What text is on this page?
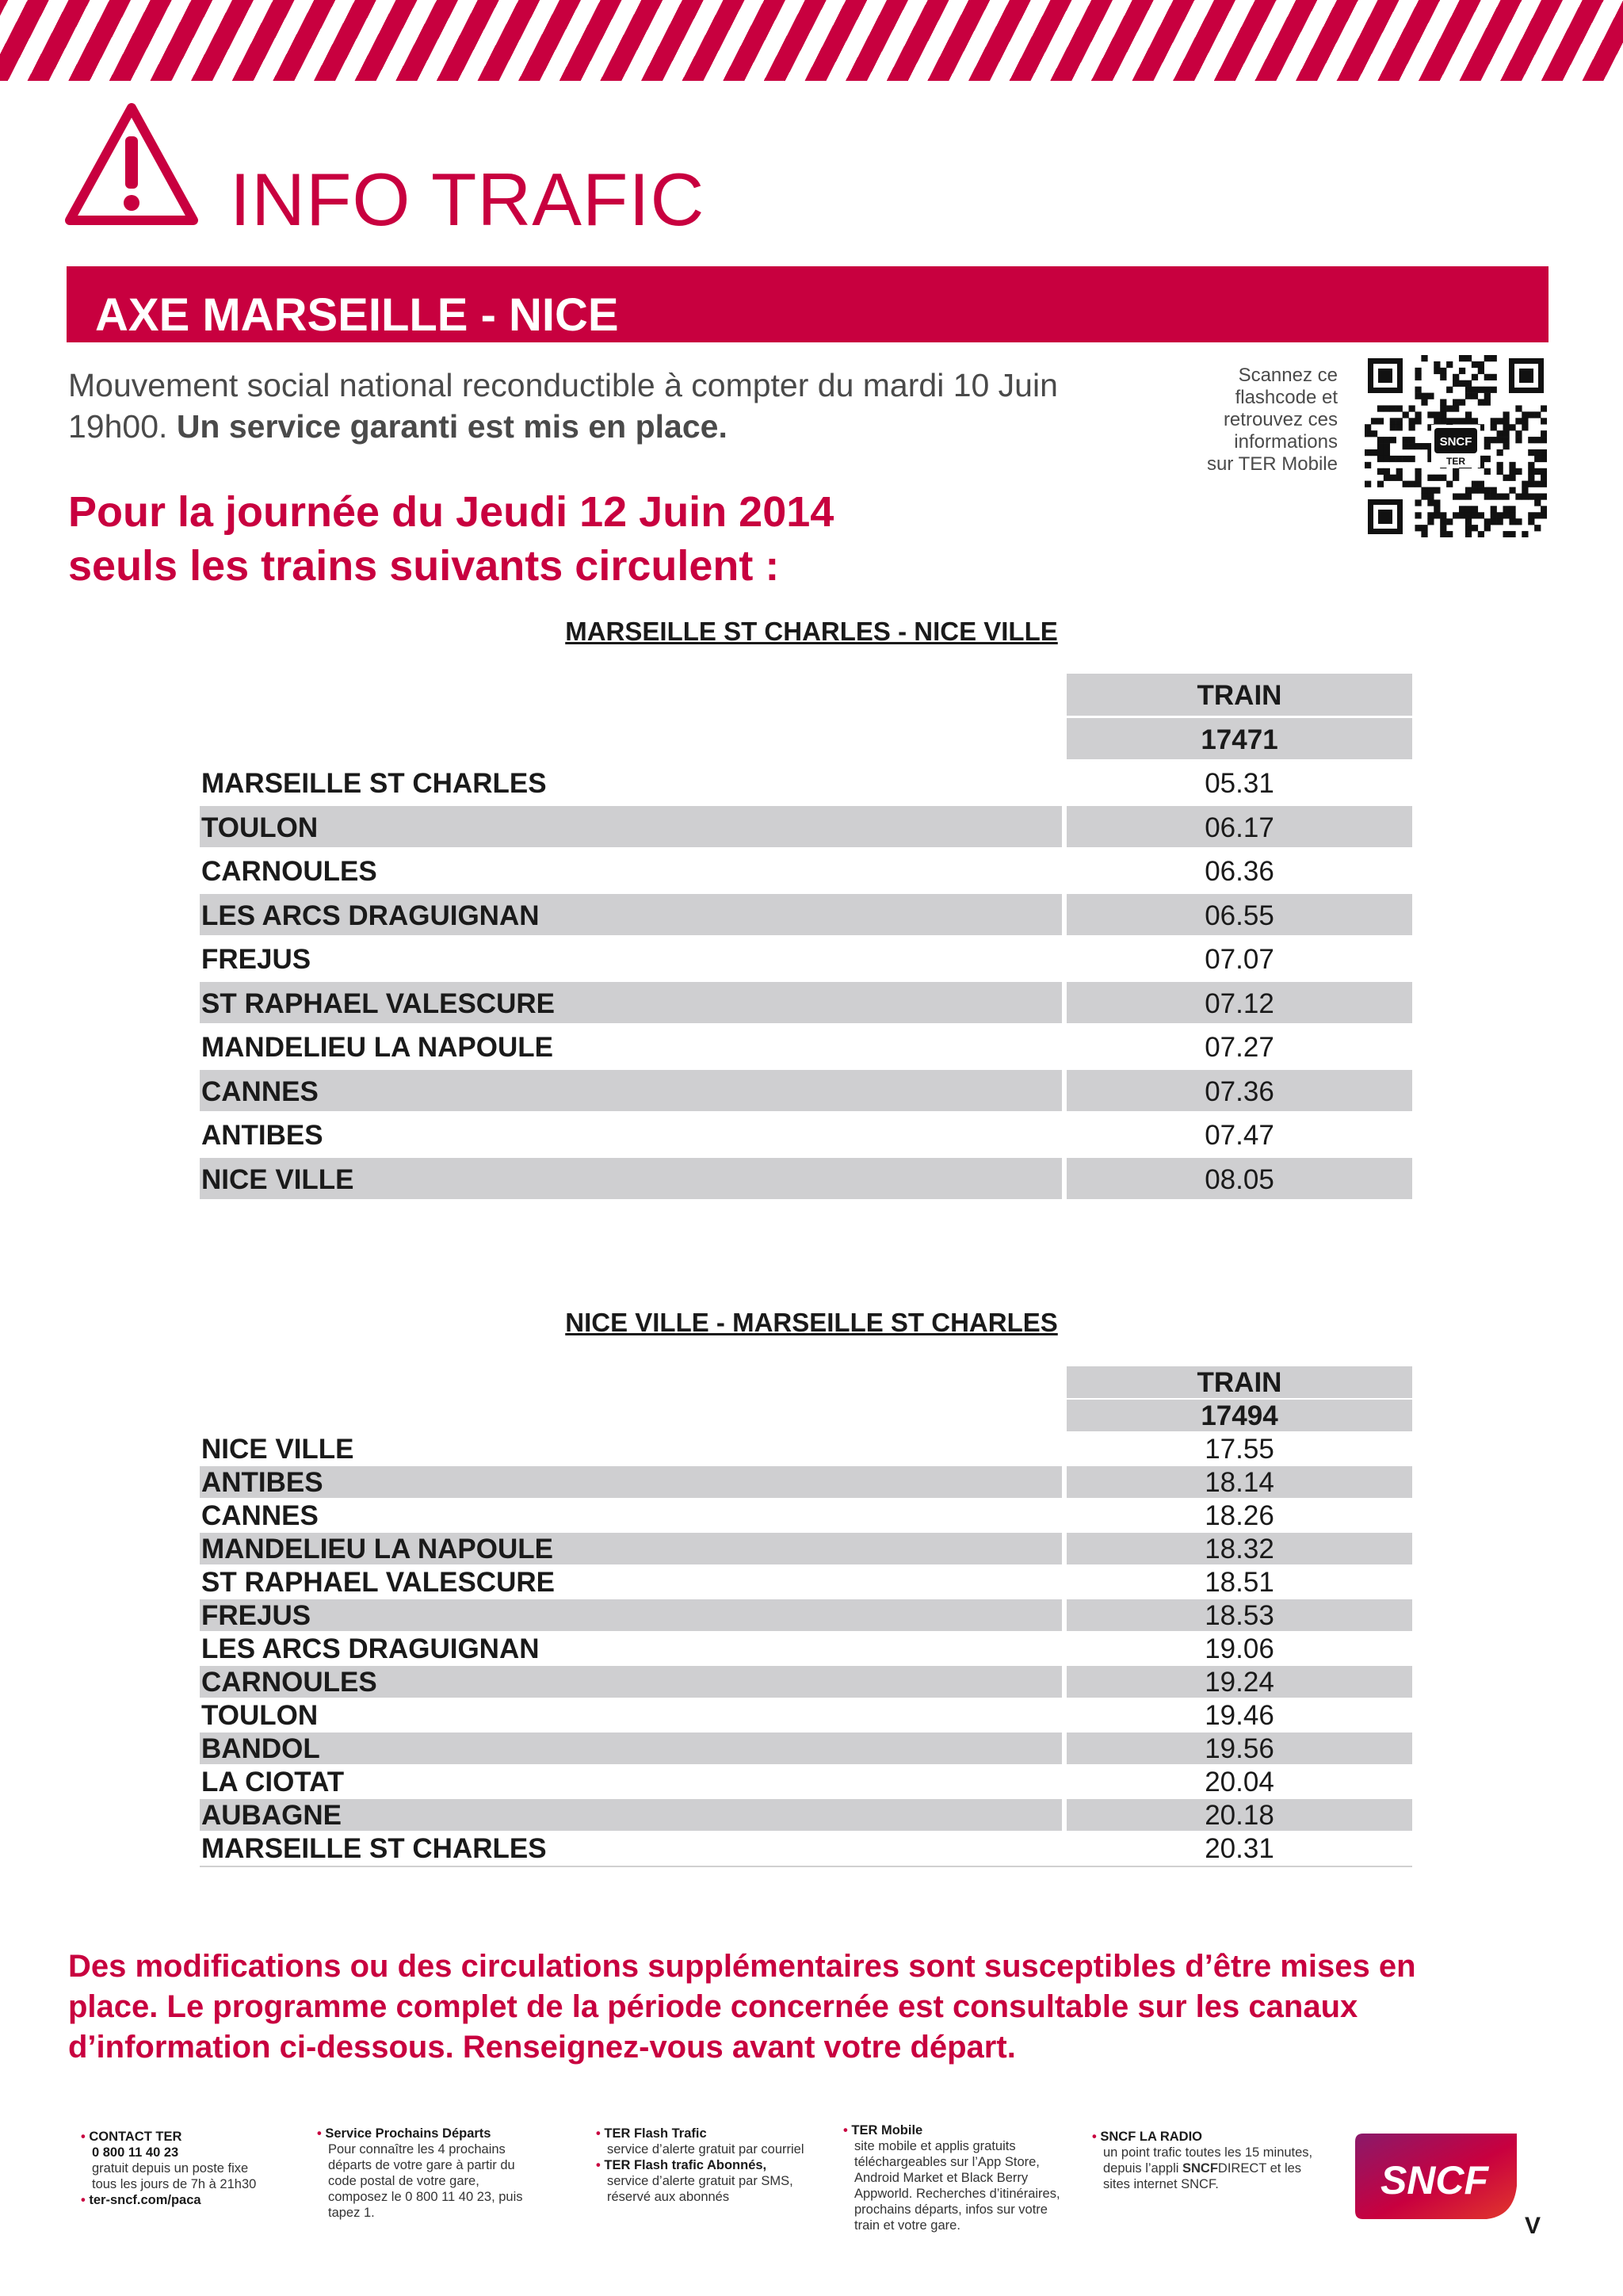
INFO TRAFIC
AXE MARSEILLE - NICE
Mouvement social national reconductible à compter du mardi 10 Juin 19h00. Un service garanti est mis en place.
Scannez ce
flashcode et
retrouvez ces
informations
sur TER Mobile
SNCF
TER
Pour la journée du Jeudi 12 Juin 2014
seuls les trains suivants circulent :
MARSEILLE ST CHARLES - NICE VILLE
TRAIN
17471
MARSEILLE ST CHARLES	05.31
TOULON	06.17
CARNOULES	06.36
LES ARCS DRAGUIGNAN	06.55
FREJUS	07.07
ST RAPHAEL VALESCURE	07.12
MANDELIEU LA NAPOULE	07.27
CANNES	07.36
ANTIBES	07.47
NICE VILLE	08.05
NICE VILLE - MARSEILLE ST CHARLES
TRAIN
17494
NICE VILLE	17.55
ANTIBES	18.14
CANNES	18.26
MANDELIEU LA NAPOULE	18.32
ST RAPHAEL VALESCURE	18.51
FREJUS	18.53
LES ARCS DRAGUIGNAN	19.06
CARNOULES	19.24
TOULON	19.46
BANDOL	19.56
LA CIOTAT	20.04
AUBAGNE	20.18
MARSEILLE ST CHARLES	20.31
Des modifications ou des circulations supplémentaires sont susceptibles d’être mises en
place. Le programme complet de la période concernée est consultable sur les canaux
d’information ci-dessous. Renseignez-vous avant votre départ.
• CONTACT TER
0 800 11 40 23
gratuit depuis un poste fixe
tous les jours de 7h à 21h30
• ter-sncf.com/paca
• Service Prochains Départs
Pour connaître les 4 prochains
départs de votre gare à partir du
code postal de votre gare,
composez le 0 800 11 40 23, puis
tapez 1.
• TER Flash Trafic
service d’alerte gratuit par courriel
• TER Flash trafic Abonnés,
service d’alerte gratuit par SMS,
réservé aux abonnés
• TER Mobile
site mobile et applis gratuits
téléchargeables sur l’App Store,
Android Market et Black Berry
Appworld. Recherches d’itinéraires,
prochains départs, infos sur votre
train et votre gare.
• SNCF LA RADIO
un point trafic toutes les 15 minutes,
depuis l’appli SNCFDIRECT et les
sites internet SNCF.	SNCF
V
